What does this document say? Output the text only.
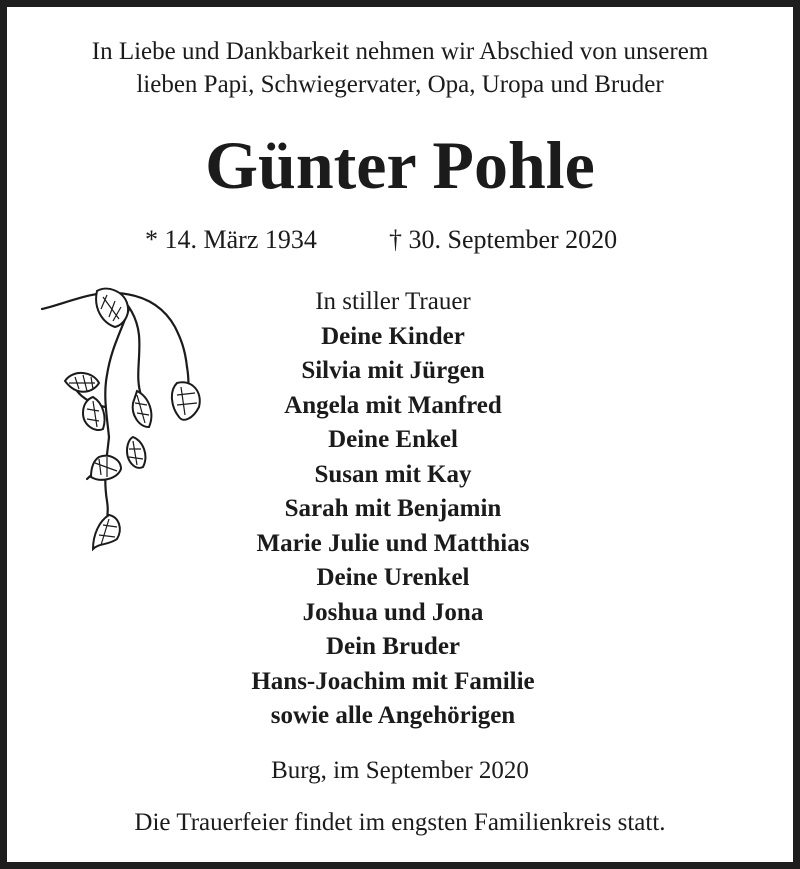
In Liebe und Dankbarkeit nehmen wir Abschied von unserem
lieben Papi, Schwiegervater, Opa, Uropa und Bruder
Günter Pohle
* 14. März 1934	† 30. September 2020
In stiller Trauer
Deine Kinder
Silvia mit Jürgen
Angela mit Manfred
Deine Enkel
Susan mit Kay
Sarah mit Benjamin
Marie Julie und Matthias
Deine Urenkel
Joshua und Jona
Dein Bruder
Hans-Joachim mit Familie
sowie alle Angehörigen
Burg, im September 2020
Die Trauerfeier findet im engsten Familienkreis statt.
